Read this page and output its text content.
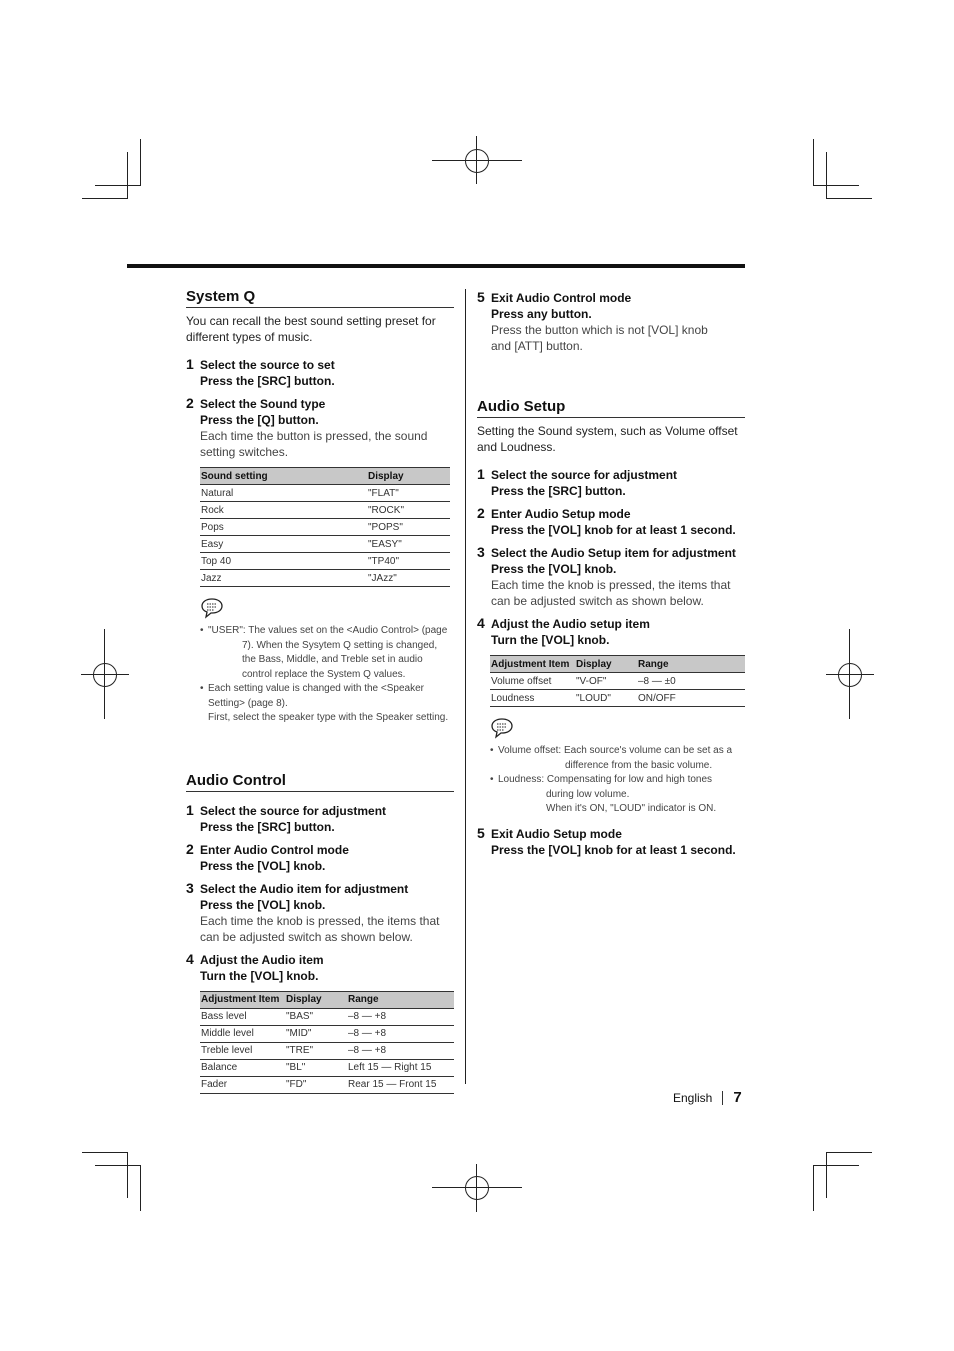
System Q

You can recall the best sound setting preset for different types of music.

1 Select the source to set
Press the [SRC] button.
2 Select the Sound type
Press the [Q] button.
Each time the button is pressed, the sound setting switches.
Sound setting	Display
Natural	"FLAT"
Rock	"ROCK"
Pops	"POPS"
Easy	"EASY"
Top 40	"TP40"
Jazz	"JAzz"
• "USER": The values set on the <Audio Control> (page
7). When the Sysytem Q setting is changed,
the Bass, Middle, and Treble set in audio
control replace the System Q values.
• Each setting value is changed with the <Speaker
Setting> (page 8).
First, select the speaker type with the Speaker setting.
Audio Control
1 Select the source for adjustment
Press the [SRC] button.
2 Enter Audio Control mode
Press the [VOL] knob.
3 Select the Audio item for adjustment
Press the [VOL] knob.
Each time the knob is pressed, the items that can be adjusted switch as shown below.
4 Adjust the Audio item
Turn the [VOL] knob.
Adjustment Item	Display	Range
Bass level	"BAS"	–8 — +8
Middle level	"MID"	–8 — +8
Treble level	"TRE"	–8 — +8
Balance	"BL"	Left 15 — Right 15
Fader	"FD"	Rear 15 — Front 15
5 Exit Audio Control mode
Press any button.
Press the button which is not [VOL] knob and [ATT] button.
Audio Setup

Setting the Sound system, such as Volume offset and Loudness.

1 Select the source for adjustment
Press the [SRC] button.
2 Enter Audio Setup mode
Press the [VOL] knob for at least 1 second.
3 Select the Audio Setup item for adjustment
Press the [VOL] knob.
Each time the knob is pressed, the items that can be adjusted switch as shown below.
4 Adjust the Audio setup item
Turn the [VOL] knob.
Adjustment Item	Display	Range
Volume offset	"V-OF"	–8 — ±0
Loudness	"LOUD"	ON/OFF
• Volume offset: Each source's volume can be set as a
difference from the basic volume.
• Loudness: Compensating for low and high tones
during low volume.
When it's ON, "LOUD" indicator is ON.
5 Exit Audio Setup mode
Press the [VOL] knob for at least 1 second.
English 7
